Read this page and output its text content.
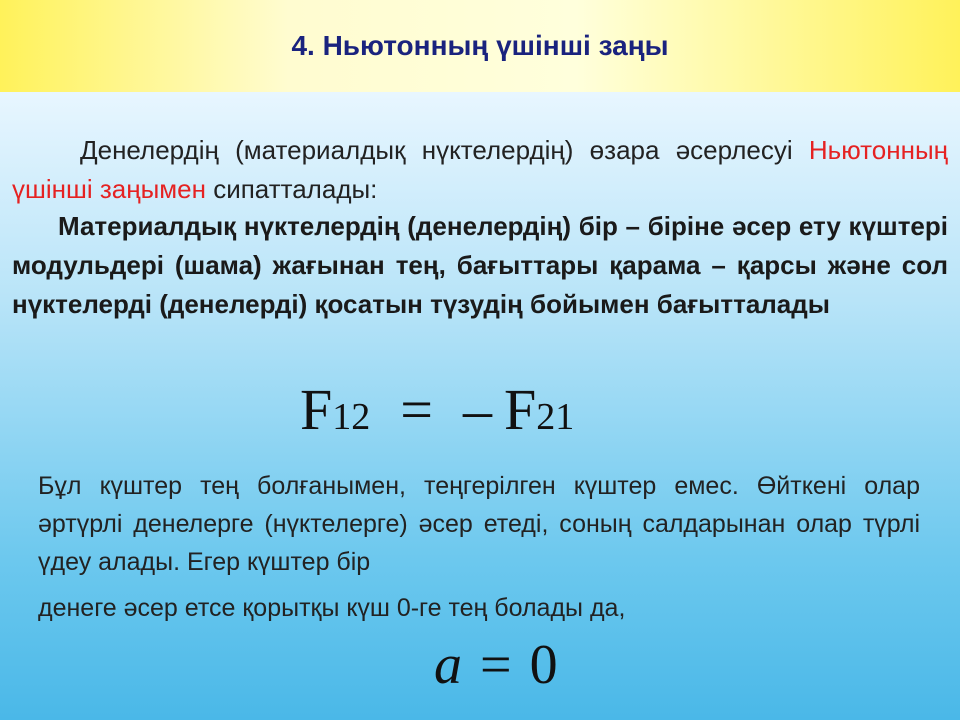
4. Ньютонның үшінші заңы

Денелердің (материалдық нүктелердің) өзара әсерлесуі Ньютонның үшінші заңымен сипатталады:

Материалдық нүктелердің (денелердің) бір – біріне әсер ету күштері модульдері (шама) жағынан тең, бағыттары қарама – қарсы және сол нүктелерді (денелерді) қосатын түзудің бойымен бағытталады

F12 = – F21

Бұл күштер тең болғанымен, теңгерілген күштер емес. Өйткені олар әртүрлі денелерге (нүктелерге) әсер етеді, соның салдарынан олар түрлі үдеу алады. Егер күштер бір
денеге әсер етсе қорытқы күш 0-ге тең болады да,

a = 0
